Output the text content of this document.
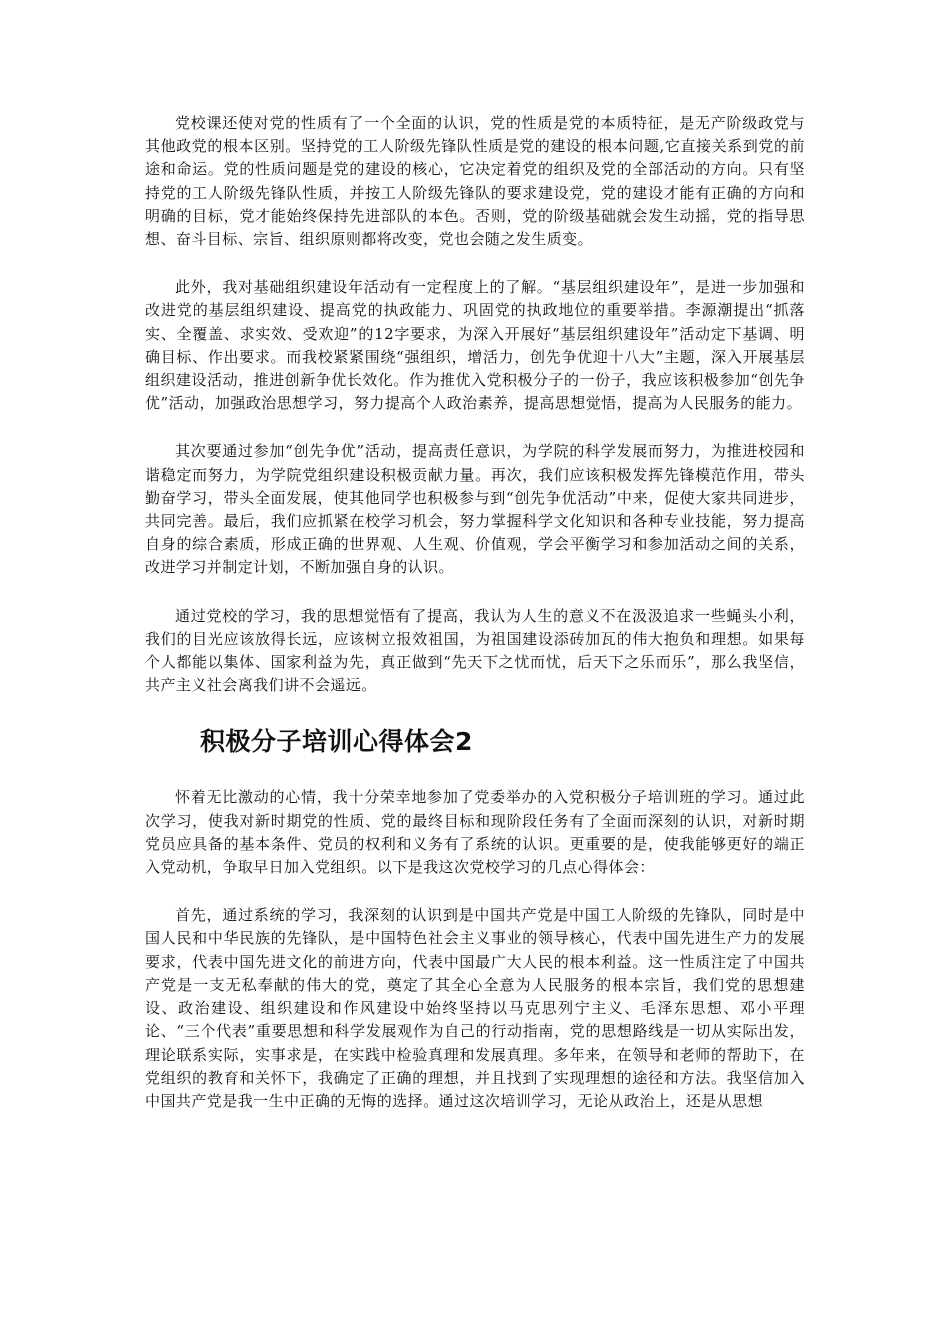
党校课还使对党的性质有了一个全面的认识，党的性质是党的本质特征，是无产阶级政党与其他政党的根本区别。坚持党的工人阶级先锋队性质是党的建设的根本问题,它直接关系到党的前途和命运。党的性质问题是党的建设的核心，它决定着党的组织及党的全部活动的方向。只有坚持党的工人阶级先锋队性质，并按工人阶级先锋队的要求建设党，党的建设才能有正确的方向和明确的目标，党才能始终保持先进部队的本色。否则，党的阶级基础就会发生动摇，党的指导思想、奋斗目标、宗旨、组织原则都将改变，党也会随之发生质变。

此外，我对基础组织建设年活动有一定程度上的了解。“基层组织建设年”，是进一步加强和改进党的基层组织建设、提高党的执政能力、巩固党的执政地位的重要举措。李源潮提出“抓落实、全覆盖、求实效、受欢迎”的12字要求，为深入开展好“基层组织建设年”活动定下基调、明确目标、作出要求。而我校紧紧围绕“强组织，增活力，创先争优迎十八大”主题，深入开展基层组织建设活动，推进创新争优长效化。作为推优入党积极分子的一份子，我应该积极参加“创先争优”活动，加强政治思想学习，努力提高个人政治素养，提高思想觉悟，提高为人民服务的能力。

其次要通过参加“创先争优”活动，提高责任意识，为学院的科学发展而努力，为推进校园和谐稳定而努力，为学院党组织建设积极贡献力量。再次，我们应该积极发挥先锋模范作用，带头勤奋学习，带头全面发展，使其他同学也积极参与到“创先争优活动”中来，促使大家共同进步，共同完善。最后，我们应抓紧在校学习机会，努力掌握科学文化知识和各种专业技能，努力提高自身的综合素质，形成正确的世界观、人生观、价值观，学会平衡学习和参加活动之间的关系，改进学习并制定计划，不断加强自身的认识。

通过党校的学习，我的思想觉悟有了提高，我认为人生的意义不在汲汲追求一些蝇头小利，我们的目光应该放得长远，应该树立报效祖国，为祖国建设添砖加瓦的伟大抱负和理想。如果每个人都能以集体、国家利益为先，真正做到“先天下之忧而忧，后天下之乐而乐”，那么我坚信，共产主义社会离我们讲不会遥远。

积极分子培训心得体会2

怀着无比激动的心情，我十分荣幸地参加了党委举办的入党积极分子培训班的学习。通过此次学习，使我对新时期党的性质、党的最终目标和现阶段任务有了全面而深刻的认识，对新时期党员应具备的基本条件、党员的权利和义务有了系统的认识。更重要的是，使我能够更好的端正入党动机，争取早日加入党组织。以下是我这次党校学习的几点心得体会：

首先，通过系统的学习，我深刻的认识到是中国共产党是中国工人阶级的先锋队，同时是中国人民和中华民族的先锋队，是中国特色社会主义事业的领导核心，代表中国先进生产力的发展要求，代表中国先进文化的前进方向，代表中国最广大人民的根本利益。这一性质注定了中国共产党是一支无私奉献的伟大的党，奠定了其全心全意为人民服务的根本宗旨，我们党的思想建设、政治建设、组织建设和作风建设中始终坚持以马克思列宁主义、毛泽东思想、邓小平理论、“三个代表”重要思想和科学发展观作为自己的行动指南，党的思想路线是一切从实际出发，理论联系实际，实事求是，在实践中检验真理和发展真理。多年来，在领导和老师的帮助下，在党组织的教育和关怀下，我确定了正确的理想，并且找到了实现理想的途径和方法。我坚信加入中国共产党是我一生中正确的无悔的选择。通过这次培训学习，无论从政治上，还是从思想
